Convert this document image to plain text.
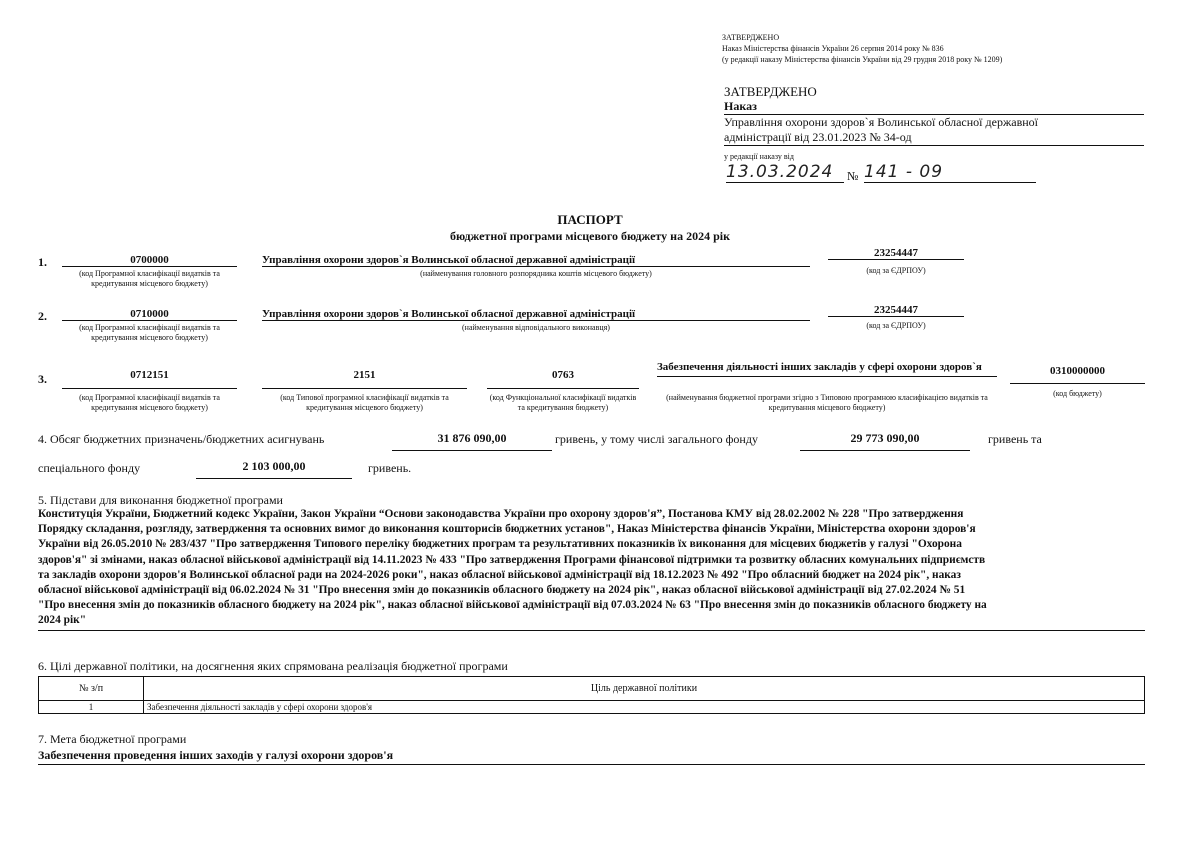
ЗАТВЕРДЖЕНО
Наказ Міністерства фінансів України 26 серпня 2014 року № 836
(у редакції наказу Міністерства фінансів України від 29 грудня 2018 року № 1209)
ЗАТВЕРДЖЕНО
Наказ
Управління охорони здоров`я Волинської обласної державної
адміністрації від 23.01.2023 № 34-од
у редакції наказу від
13.03.2024	№ 141 - 09
ПАСПОРТ
бюджетної програми місцевого бюджету на 2024 рік
1.	0700000
(код Програмної класифікації видатків та кредитування місцевого бюджету)
Управління охорони здоров`я Волинської обласної державної адміністрації
(найменування головного розпорядника коштів місцевого бюджету)
23254447
(код за ЄДРПОУ)
2.	0710000
(код Програмної класифікації видатків та кредитування місцевого бюджету)
Управління охорони здоров`я Волинської обласної державної адміністрації
(найменування відповідального виконавця)
23254447
(код за ЄДРПОУ)
3.	0712151
(код Програмної класифікації видатків та кредитування місцевого бюджету)
2151
(код Типової програмної класифікації видатків та кредитування місцевого бюджету)
0763
(код Функціональної класифікації видатків та кредитування бюджету)
Забезпечення діяльності інших закладів у сфері охорони здоров`я
(найменування бюджетної програми згідно з Типовою програмною класифікацією видатків та кредитування місцевого бюджету)
0310000000
(код бюджету)
4. Обсяг бюджетних призначень/бюджетних асигнувань	31 876 090,00	гривень, у тому числі загального фонду	29 773 090,00	гривень та
спеціального фонду	2 103 000,00	гривень.
5. Підстави для виконання бюджетної програми
Конституція України, Бюджетний кодекс України, Закон України “Основи законодавства України про охорону здоров'я”, Постанова КМУ від 28.02.2002 № 228 "Про затвердження
Порядку складання, розгляду, затвердження та основних вимог до виконання кошторисів бюджетних установ", Наказ Міністерства фінансів України, Міністерства охорони здоров'я
України від 26.05.2010 № 283/437 "Про затвердження Типового переліку бюджетних програм та результативних показників їх виконання для місцевих бюджетів у галузі "Охорона
здоров'я" зі змінами, наказ обласної військової адміністрації від 14.11.2023 № 433 "Про затвердження Програми фінансової підтримки та розвитку обласних комунальних підприємств
та закладів охорони здоров'я Волинської обласної ради на 2024-2026 роки", наказ обласної військової адміністрації від 18.12.2023 № 492 "Про обласний бюджет на 2024 рік", наказ
обласної військової адміністрації від 06.02.2024 № 31 "Про внесення змін до показників обласного бюджету на 2024 рік", наказ обласної військової адміністрації від 27.02.2024 № 51
"Про внесення змін до показників обласного бюджету на 2024 рік", наказ обласної військової адміністрації від 07.03.2024 № 63 "Про внесення змін до показників обласного бюджету на
2024 рік"
6. Цілі державної політики, на досягнення яких спрямована реалізація бюджетної програми
№ з/п	Ціль державної політики
1	Забезпечення діяльності закладів у сфері охорони здоров'я
7. Мета бюджетної програми
Забезпечення проведення інших заходів у галузі охорони здоров'я
